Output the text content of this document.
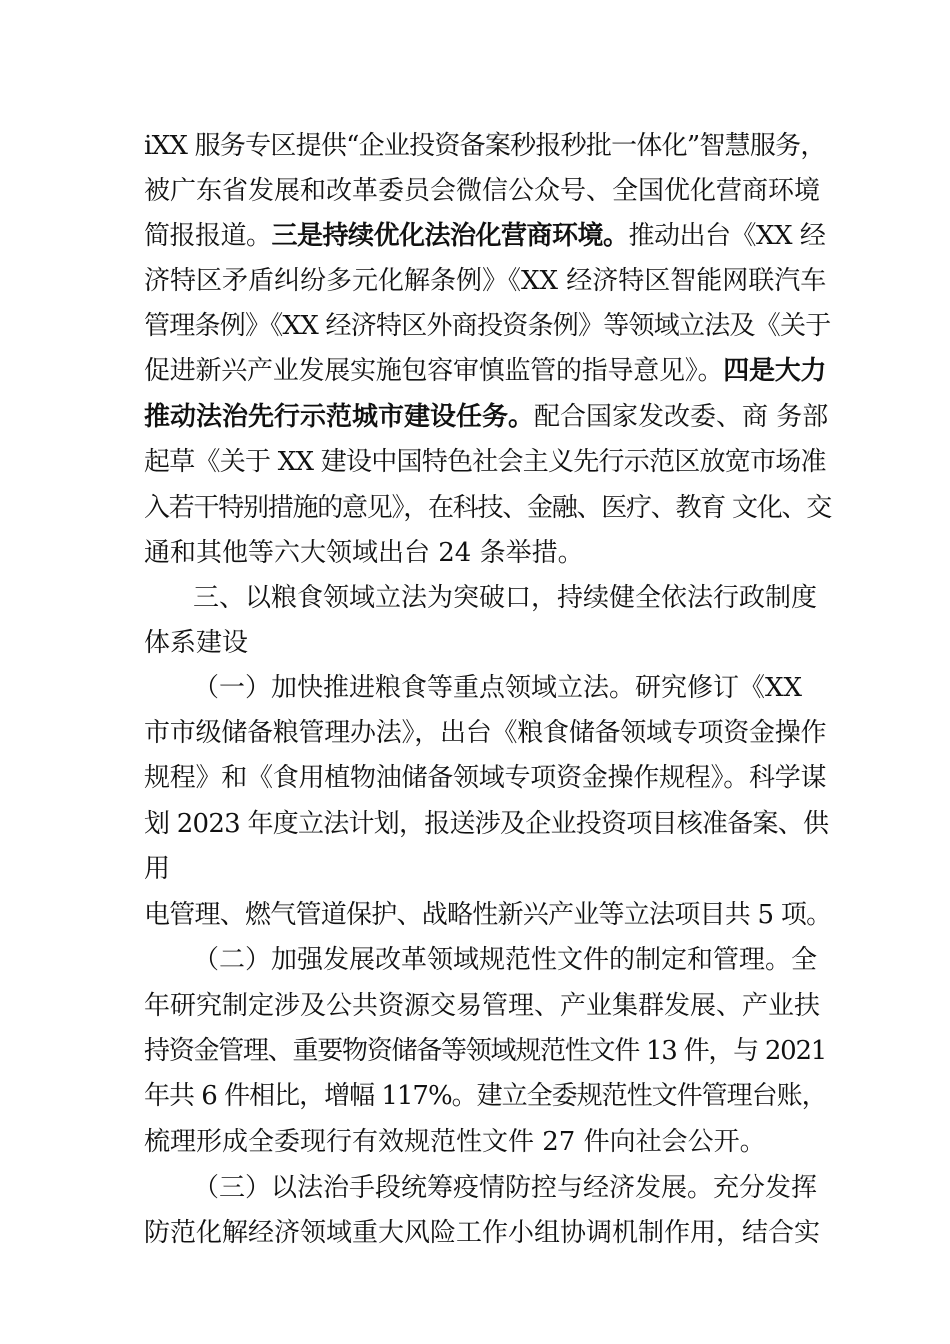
iXX 服务专区提供“企业投资备案秒报秒批一体化”智慧服务，
被广东省发展和改革委员会微信公众号、全国优化营商环境
简报报道。三是持续优化法治化营商环境。推动出台《XX 经
济特区矛盾纠纷多元化解条例》《XX 经济特区智能网联汽车
管理条例》《XX 经济特区外商投资条例》等领域立法及《关于
促进新兴产业发展实施包容审慎监管的指导意见》。四是大力
推动法治先行示范城市建设任务。配合国家发改委、商 务部
起草《关于 XX 建设中国特色社会主义先行示范区放宽市场准
入若干特别措施的意见》，在科技、金融、医疗、教育 文化、交
通和其他等六大领域出台 24 条举措。
三、以粮食领域立法为突破口，持续健全依法行政制度
体系建设
（一）加快推进粮食等重点领域立法。研究修订《XX
市市级储备粮管理办法》，出台《粮食储备领域专项资金操作
规程》和《食用植物油储备领域专项资金操作规程》。科学谋
划 2023 年度立法计划，报送涉及企业投资项目核准备案、供
用
电管理、燃气管道保护、战略性新兴产业等立法项目共 5 项。
（二）加强发展改革领域规范性文件的制定和管理。全
年研究制定涉及公共资源交易管理、产业集群发展、产业扶
持资金管理、重要物资储备等领域规范性文件 13 件，与 2021
年共 6 件相比，增幅 117%。建立全委规范性文件管理台账，
梳理形成全委现行有效规范性文件 27 件向社会公开。
（三）以法治手段统筹疫情防控与经济发展。充分发挥
防范化解经济领域重大风险工作小组协调机制作用，结合实
